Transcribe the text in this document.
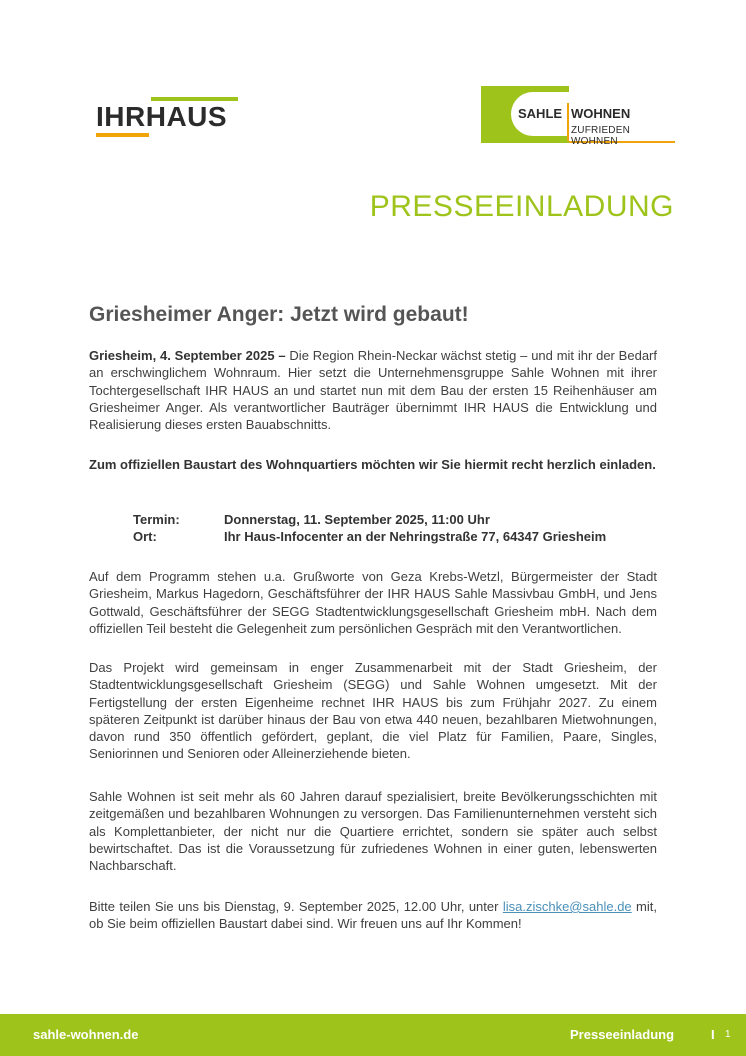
IHRHAUS	SAHLE WOHNEN
ZUFRIEDEN WOHNEN
PRESSEEINLADUNG
Griesheimer Anger: Jetzt wird gebaut!

Griesheim, 4. September 2025 – Die Region Rhein-Neckar wächst stetig – und mit ihr der Bedarf an erschwinglichem Wohnraum. Hier setzt die Unternehmensgruppe Sahle Wohnen mit ihrer Tochtergesellschaft IHR HAUS an und startet nun mit dem Bau der ersten 15 Reihenhäuser am Griesheimer Anger. Als verantwortlicher Bauträger übernimmt IHR HAUS die Entwicklung und Realisierung dieses ersten Bauabschnitts.

Zum offiziellen Baustart des Wohnquartiers möchten wir Sie hiermit recht herzlich einladen.

Termin:	Donnerstag, 11. September 2025, 11:00 Uhr
Ort:	Ihr Haus-Infocenter an der Nehringstraße 77, 64347 Griesheim

Auf dem Programm stehen u.a. Grußworte von Geza Krebs-Wetzl, Bürgermeister der Stadt Griesheim, Markus Hagedorn, Geschäftsführer der IHR HAUS Sahle Massivbau GmbH, und Jens Gottwald, Geschäftsführer der SEGG Stadtentwicklungsgesellschaft Griesheim mbH. Nach dem offiziellen Teil besteht die Gelegenheit zum persönlichen Gespräch mit den Verantwortlichen.

Das Projekt wird gemeinsam in enger Zusammenarbeit mit der Stadt Griesheim, der Stadtentwicklungsgesellschaft Griesheim (SEGG) und Sahle Wohnen umgesetzt. Mit der Fertigstellung der ersten Eigenheime rechnet IHR HAUS bis zum Frühjahr 2027. Zu einem späteren Zeitpunkt ist darüber hinaus der Bau von etwa 440 neuen, bezahlbaren Mietwohnungen, davon rund 350 öffentlich gefördert, geplant, die viel Platz für Familien, Paare, Singles, Seniorinnen und Senioren oder Alleinerziehende bieten.

Sahle Wohnen ist seit mehr als 60 Jahren darauf spezialisiert, breite Bevölkerungsschichten mit zeitgemäßen und bezahlbaren Wohnungen zu versorgen. Das Familienunternehmen versteht sich als Komplettanbieter, der nicht nur die Quartiere errichtet, sondern sie später auch selbst bewirtschaftet. Das ist die Voraussetzung für zufriedenes Wohnen in einer guten, lebenswerten Nachbarschaft.

Bitte teilen Sie uns bis Dienstag, 9. September 2025, 12.00 Uhr, unter lisa.zischke@sahle.de mit, ob Sie beim offiziellen Baustart dabei sind. Wir freuen uns auf Ihr Kommen!

sahle-wohnen.de	Presseeinladung	I 1
